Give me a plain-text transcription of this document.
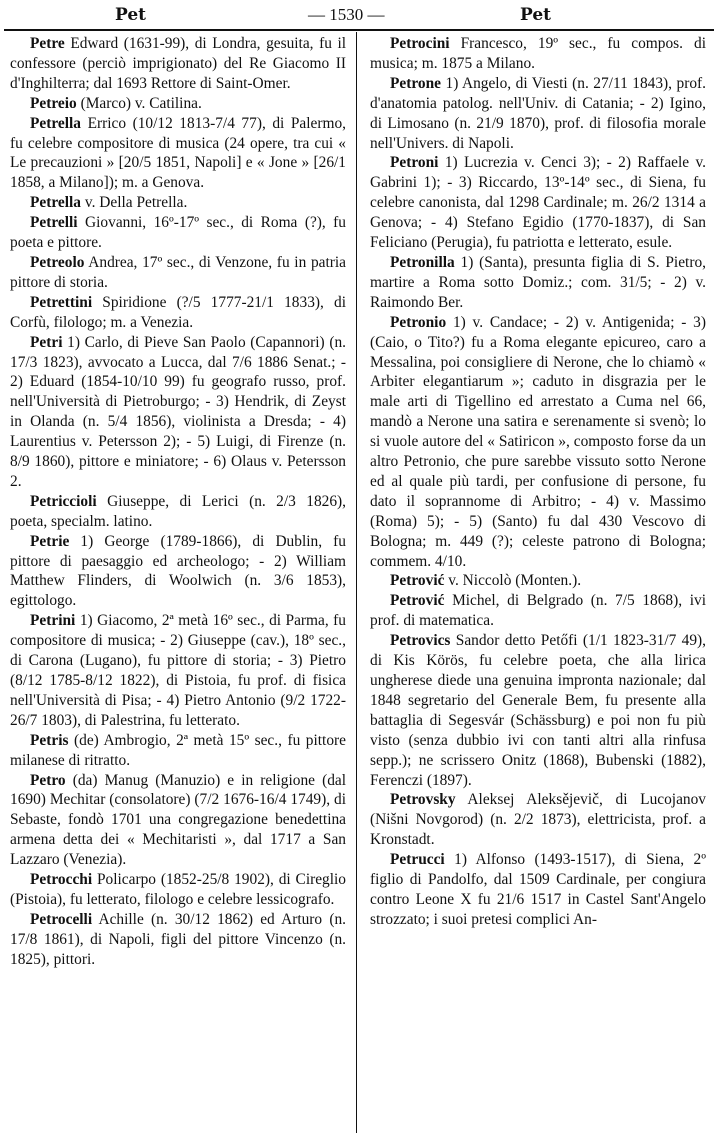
Pet	— 1530 —	Pet

Petre Edward (1631-99), di Londra, gesuita, fu il confessore (perciò imprigionato) del Re Giacomo II d'Inghilterra; dal 1693 Rettore di Saint-Omer.

Petreio (Marco) v. Catilina.

Petrella Errico (10/12 1813-7/4 77), di Palermo, fu celebre compositore di musica (24 opere, tra cui « Le precauzioni » [20/5 1851, Napoli] e « Jone » [26/1 1858, a Milano]); m. a Genova.

Petrella v. Della Petrella.

Petrelli Giovanni, 16º-17º sec., di Roma (?), fu poeta e pittore.

Petreolo Andrea, 17º sec., di Venzone, fu in patria pittore di storia.

Petrettini Spiridione (?/5 1777-21/1 1833), di Corfù, filologo; m. a Venezia.

Petri 1) Carlo, di Pieve San Paolo (Capannori) (n. 17/3 1823), avvocato a Lucca, dal 7/6 1886 Senat.; - 2) Eduard (1854-10/10 99) fu geografo russo, prof. nell'Università di Pietroburgo; - 3) Hendrik, di Zeyst in Olanda (n. 5/4 1856), violinista a Dresda; - 4) Laurentius v. Petersson 2); - 5) Luigi, di Firenze (n. 8/9 1860), pittore e miniatore; - 6) Olaus v. Petersson 2.

Petriccioli Giuseppe, di Lerici (n. 2/3 1826), poeta, specialm. latino.

Petrie 1) George (1789-1866), di Dublin, fu pittore di paesaggio ed archeologo; - 2) William Matthew Flinders, di Woolwich (n. 3/6 1853), egittologo.

Petrini 1) Giacomo, 2ª metà 16º sec., di Parma, fu compositore di musica; - 2) Giuseppe (cav.), 18º sec., di Carona (Lugano), fu pittore di storia; - 3) Pietro (8/12 1785-8/12 1822), di Pistoia, fu prof. di fisica nell'Università di Pisa; - 4) Pietro Antonio (9/2 1722-26/7 1803), di Palestrina, fu letterato.

Petris (de) Ambrogio, 2ª metà 15º sec., fu pittore milanese di ritratto.

Petro (da) Manug (Manuzio) e in religione (dal 1690) Mechitar (consolatore) (7/2 1676-16/4 1749), di Sebaste, fondò 1701 una congregazione benedettina armena detta dei « Mechitaristi », dal 1717 a San Lazzaro (Venezia).

Petrocchi Policarpo (1852-25/8 1902), di Cireglio (Pistoia), fu letterato, filologo e celebre lessicografo.

Petrocelli Achille (n. 30/12 1862) ed Arturo (n. 17/8 1861), di Napoli, figli del pittore Vincenzo (n. 1825), pittori.

Petrocini Francesco, 19º sec., fu compos. di musica; m. 1875 a Milano.

Petrone 1) Angelo, di Viesti (n. 27/11 1843), prof. d'anatomia patolog. nell'Univ. di Catania; - 2) Igino, di Limosano (n. 21/9 1870), prof. di filosofia morale nell'Univers. di Napoli.

Petroni 1) Lucrezia v. Cenci 3); - 2) Raffaele v. Gabrini 1); - 3) Riccardo, 13º-14º sec., di Siena, fu celebre canonista, dal 1298 Cardinale; m. 26/2 1314 a Genova; - 4) Stefano Egidio (1770-1837), di San Feliciano (Perugia), fu patriotta e letterato, esule.

Petronilla 1) (Santa), presunta figlia di S. Pietro, martire a Roma sotto Domiz.; com. 31/5; - 2) v. Raimondo Ber.

Petronio 1) v. Candace; - 2) v. Antigenida; - 3) (Caio, o Tito?) fu a Roma elegante epicureo, caro a Messalina, poi consigliere di Nerone, che lo chiamò « Arbiter elegantiarum »; caduto in disgrazia per le male arti di Tigellino ed arrestato a Cuma nel 66, mandò a Nerone una satira e serenamente si svenò; lo si vuole autore del « Satiricon », composto forse da un altro Petronio, che pure sarebbe vissuto sotto Nerone ed al quale più tardi, per confusione di persone, fu dato il soprannome di Arbitro; - 4) v. Massimo (Roma) 5); - 5) (Santo) fu dal 430 Vescovo di Bologna; m. 449 (?); celeste patrono di Bologna; commem. 4/10.

Petrović v. Niccolò (Monten.).

Petrović Michel, di Belgrado (n. 7/5 1868), ivi prof. di matematica.

Petrovics Sandor detto Petőfi (1/1 1823-31/7 49), di Kis Körös, fu celebre poeta, che alla lirica ungherese diede una genuina impronta nazionale; dal 1848 segretario del Generale Bem, fu presente alla battaglia di Segesvár (Schässburg) e poi non fu più visto (senza dubbio ivi con tanti altri alla rinfusa sepp.); ne scrissero Onitz (1868), Bubenski (1882), Ferenczi (1897).

Petrovsky Aleksej Aleksějevič, di Lucojanov (Nišni Novgorod) (n. 2/2 1873), elettricista, prof. a Kronstadt.

Petrucci 1) Alfonso (1493-1517), di Siena, 2º figlio di Pandolfo, dal 1509 Cardinale, per congiura contro Leone X fu 21/6 1517 in Castel Sant'Angelo strozzato; i suoi pretesi complici An-
